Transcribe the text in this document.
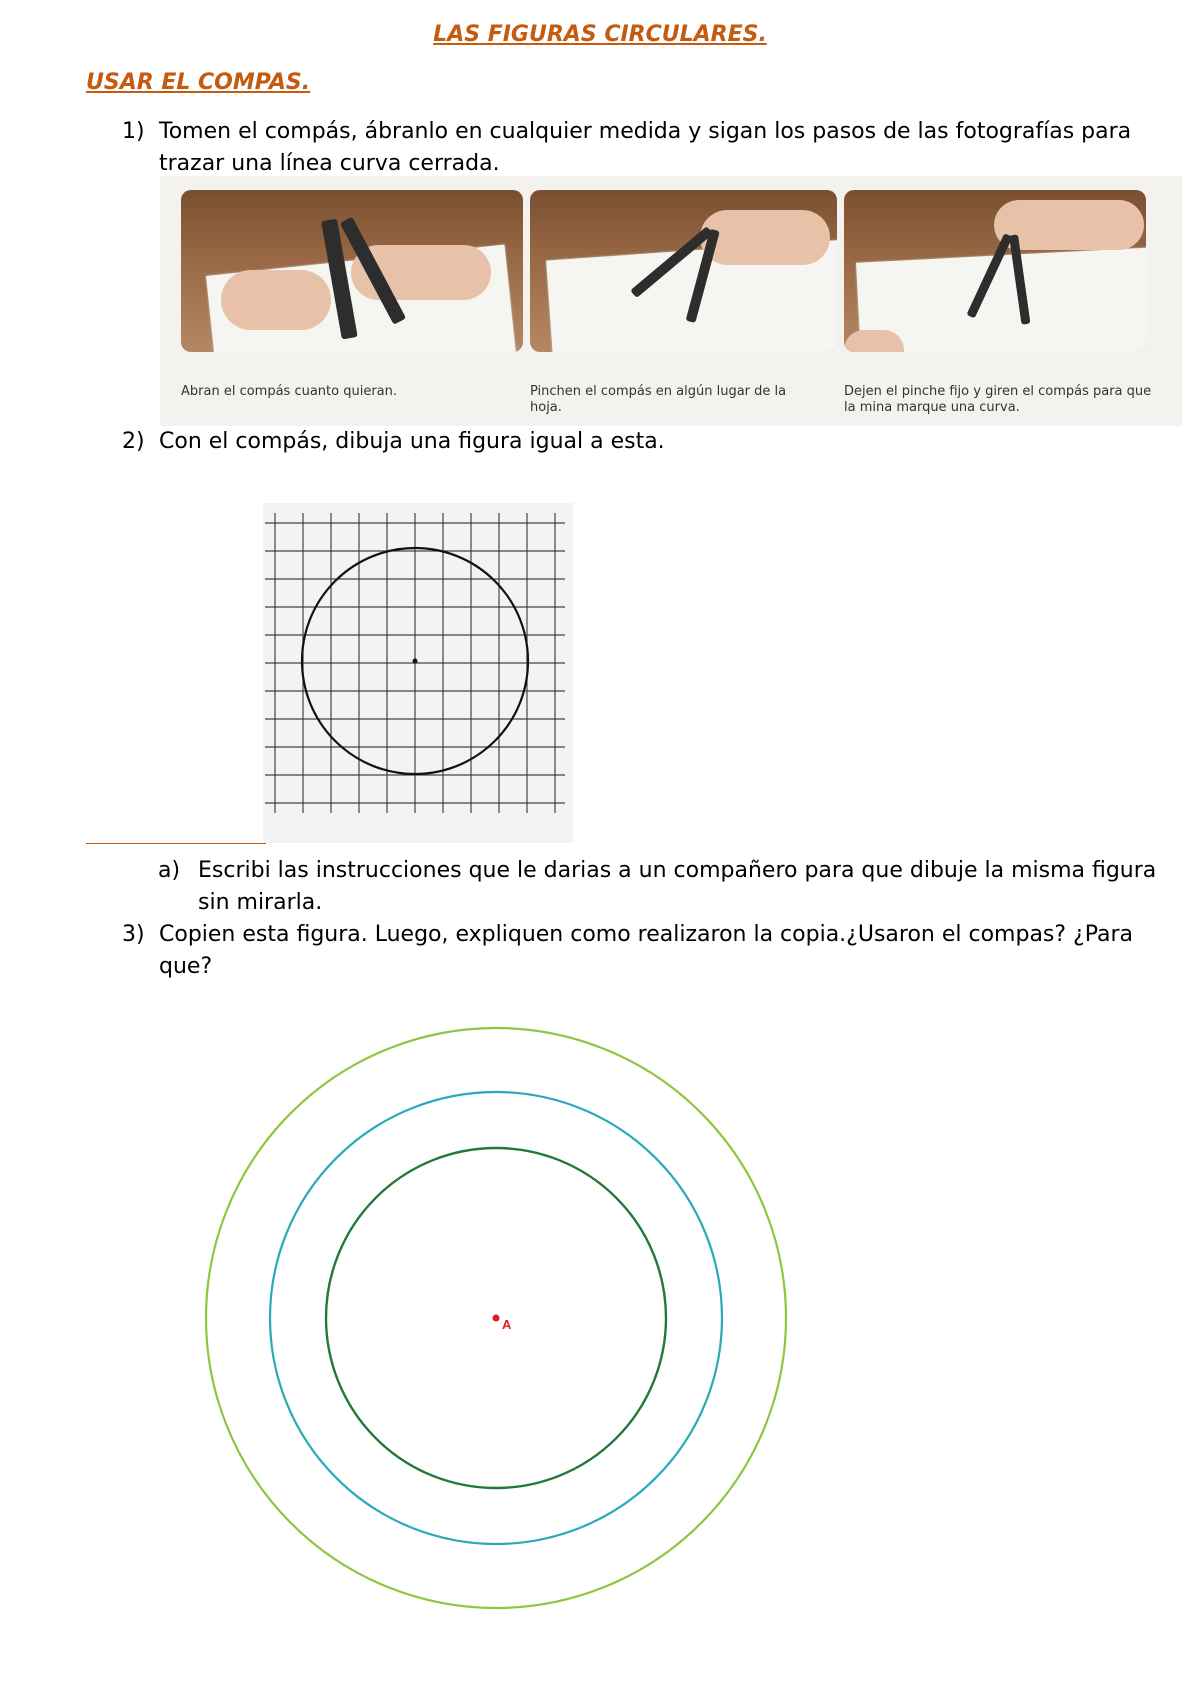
LAS FIGURAS CIRCULARES.
USAR EL COMPAS.
1) Tomen el compás, ábranlo en cualquier medida y sigan los pasos de las fotografías para trazar una línea curva cerrada.
Abran el compás cuanto quieran.	Pinchen el compás en algún lugar de la hoja.
Dejen el pinche fijo y giren el compás para que la mina marque una curva.
2) Con el compás, dibuja una figura igual a esta.
a) Escribi las instrucciones que le darias a un compañero para que dibuje la misma figura sin mirarla.
3) Copien esta figura. Luego, expliquen como realizaron la copia.¿Usaron el compas? ¿Para que?
A
